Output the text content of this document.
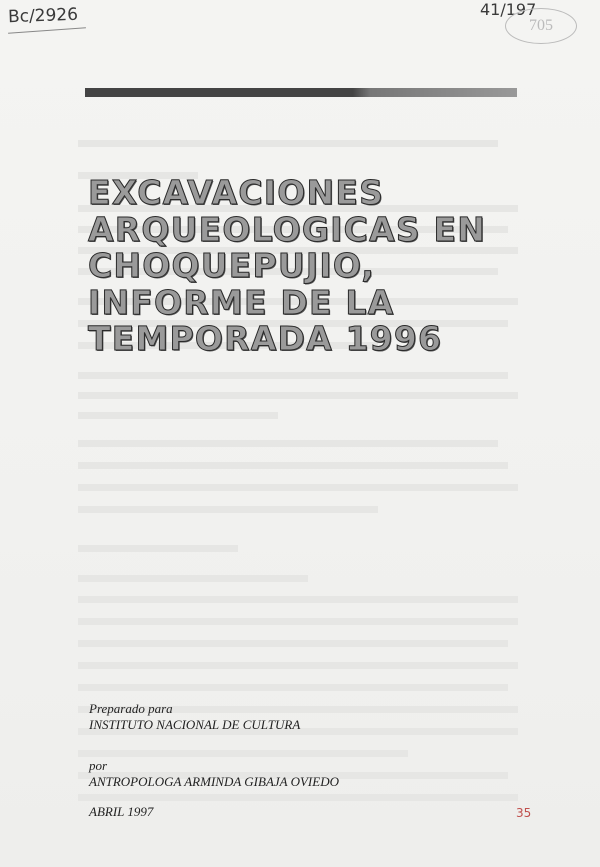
Bc/2926	41/197
705
EXCAVACIONES
ARQUEOLOGICAS EN
CHOQUEPUJIO,
INFORME DE LA
TEMPORADA 1996
Preparado para
INSTITUTO NACIONAL DE CULTURA
por
ANTROPOLOGA ARMINDA GIBAJA OVIEDO
ABRIL 1997	35
